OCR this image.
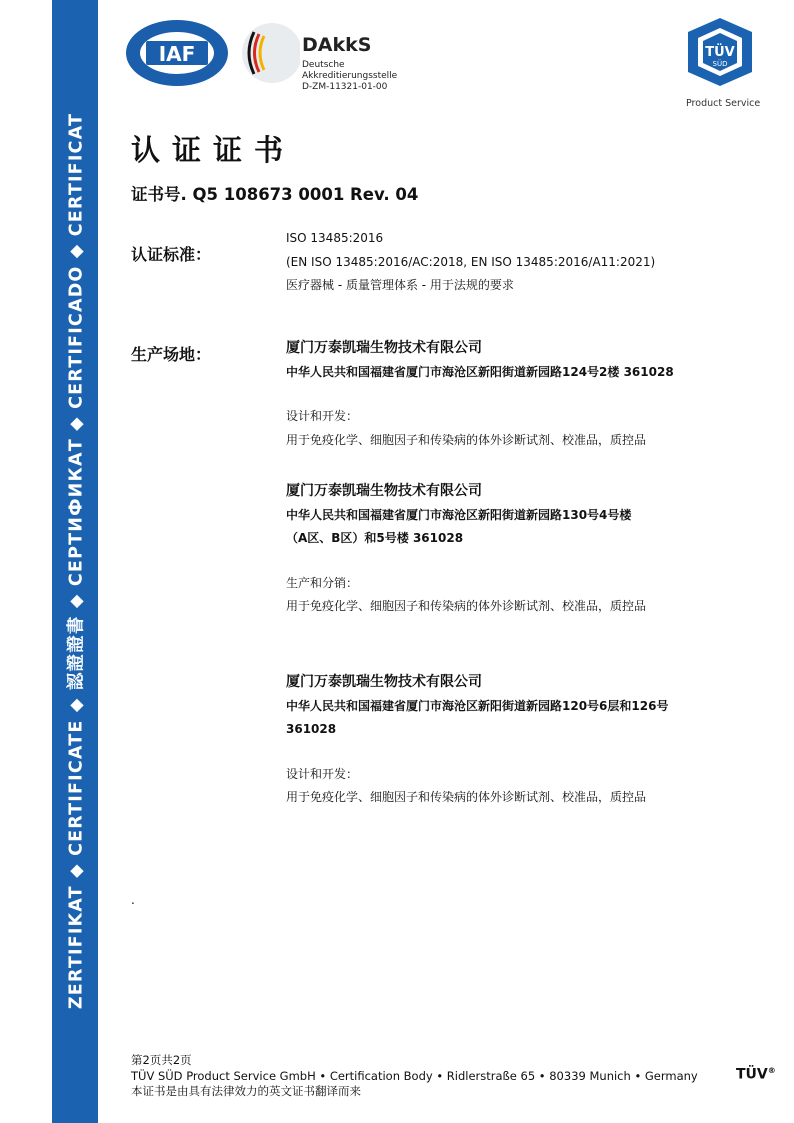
ZERTIFIKAT ◆ CERTIFICATE ◆ 認證證書 ◆ СЕРТИФИКАТ ◆ CERTIFICADO ◆ CERTIFICAT
IAF	DAkkS
Deutsche
Akkreditierungsstelle
D-ZM-11321-01-00
TÜV
SÜD
Product Service
认证证书
证书号. Q5 108673 0001 Rev. 04
认证标准：
ISO 13485:2016
(EN ISO 13485:2016/AC:2018, EN ISO 13485:2016/A11:2021)
医疗器械 - 质量管理体系 - 用于法规的要求
生产场地：	厦门万泰凯瑞生物技术有限公司
中华人民共和国福建省厦门市海沧区新阳街道新园路124号2楼 361028
设计和开发：
用于免疫化学、细胞因子和传染病的体外诊断试剂、校准品，质控品
厦门万泰凯瑞生物技术有限公司
中华人民共和国福建省厦门市海沧区新阳街道新园路130号4号楼
（A区、B区）和5号楼 361028
生产和分销：
用于免疫化学、细胞因子和传染病的体外诊断试剂、校准品，质控品
厦门万泰凯瑞生物技术有限公司
中华人民共和国福建省厦门市海沧区新阳街道新园路120号6层和126号
361028
设计和开发：
用于免疫化学、细胞因子和传染病的体外诊断试剂、校准品，质控品
.
第2页共2页
TÜV SÜD Product Service GmbH • Certification Body • Ridlerstraße 65 • 80339 Munich • Germany
本证书是由具有法律效力的英文证书翻译而来
TÜV®
